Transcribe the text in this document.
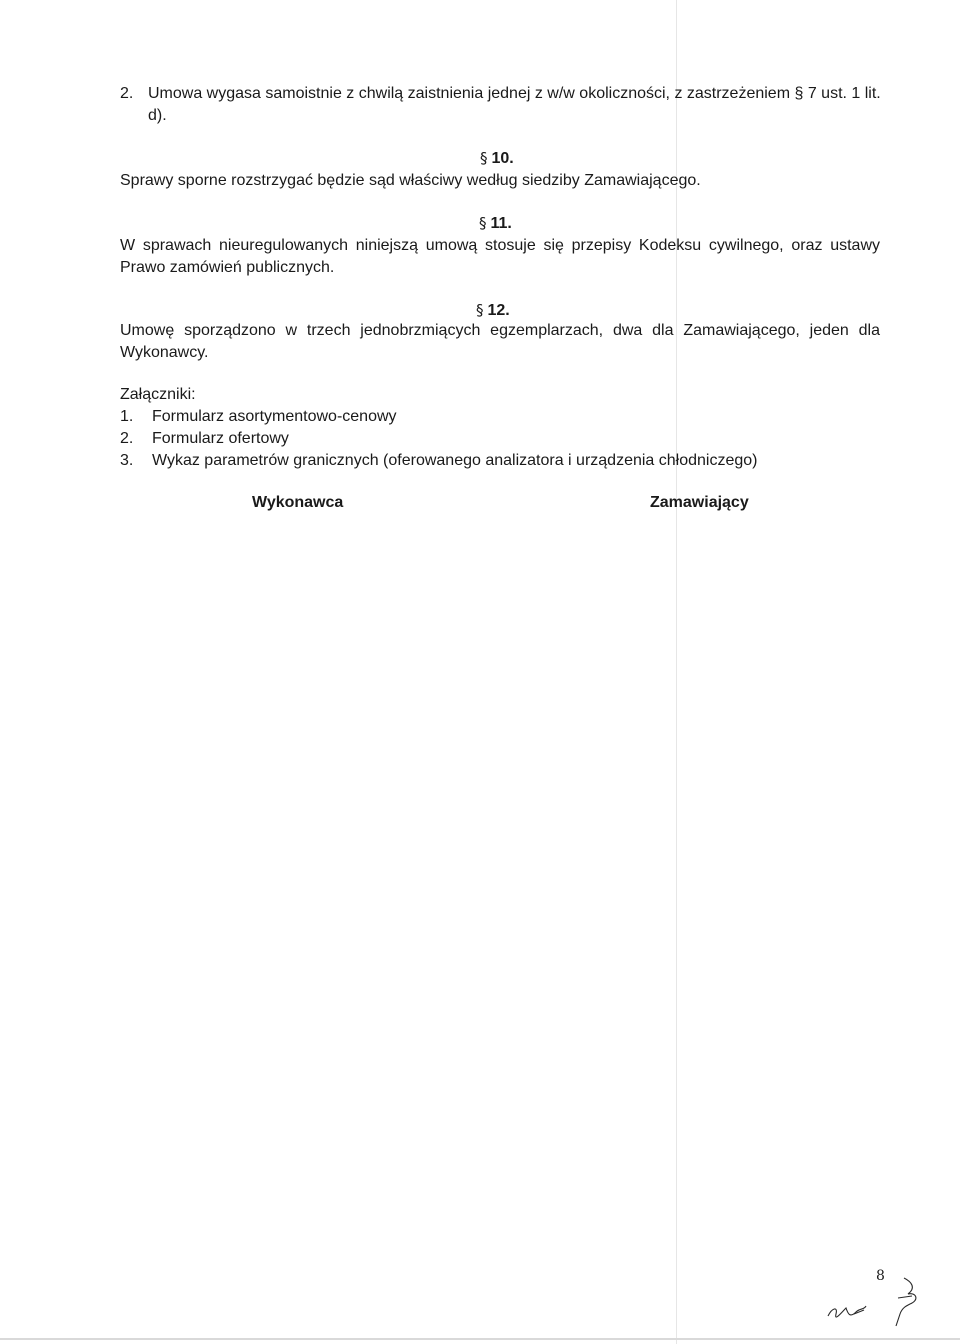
2. Umowa wygasa samoistnie z chwilą zaistnienia jednej z w/w okoliczności, z zastrzeżeniem § 7 ust. 1 lit. d).
§ 10.
Sprawy sporne rozstrzygać będzie sąd właściwy według siedziby Zamawiającego.
§ 11.
W sprawach nieuregulowanych niniejszą umową stosuje się przepisy Kodeksu cywilnego, oraz ustawy Prawo zamówień publicznych.
§ 12.
Umowę sporządzono w trzech jednobrzmiących egzemplarzach, dwa dla Zamawiającego, jeden dla Wykonawcy.
Załączniki:
1. Formularz asortymentowo-cenowy
2. Formularz ofertowy
3. Wykaz parametrów granicznych (oferowanego analizatora i urządzenia chłodniczego)
Wykonawca	Zamawiający
8
